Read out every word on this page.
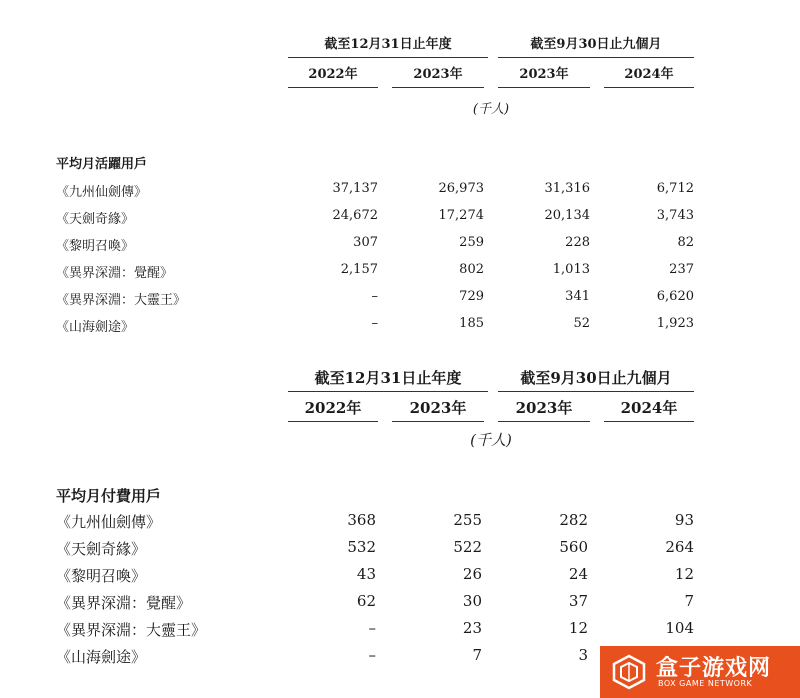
截至12月31日止年度	截至9月30日止九個月
2022年	2023年	2023年	2024年
(千人)
平均月活躍用戶
《九州仙劍傳》	37,137	26,973	31,316	6,712
《天劍奇緣》	24,672	17,274	20,134	3,743
《黎明召喚》	307	259	228	82
《異界深淵：覺醒》	2,157	802	1,013	237
《異界深淵：大靈王》	–	729	341	6,620
《山海劍途》	–	185	52	1,923
截至12月31日止年度	截至9月30日止九個月
2022年	2023年	2023年	2024年
(千人)
平均月付費用戶
《九州仙劍傳》	368	255	282	93
《天劍奇緣》	532	522	560	264
《黎明召喚》	43	26	24	12
《異界深淵：覺醒》	62	30	37	7
《異界深淵：大靈王》	–	23	12	104
《山海劍途》	–	7	3
盒子游戏网
BOX GAME NETWORK
